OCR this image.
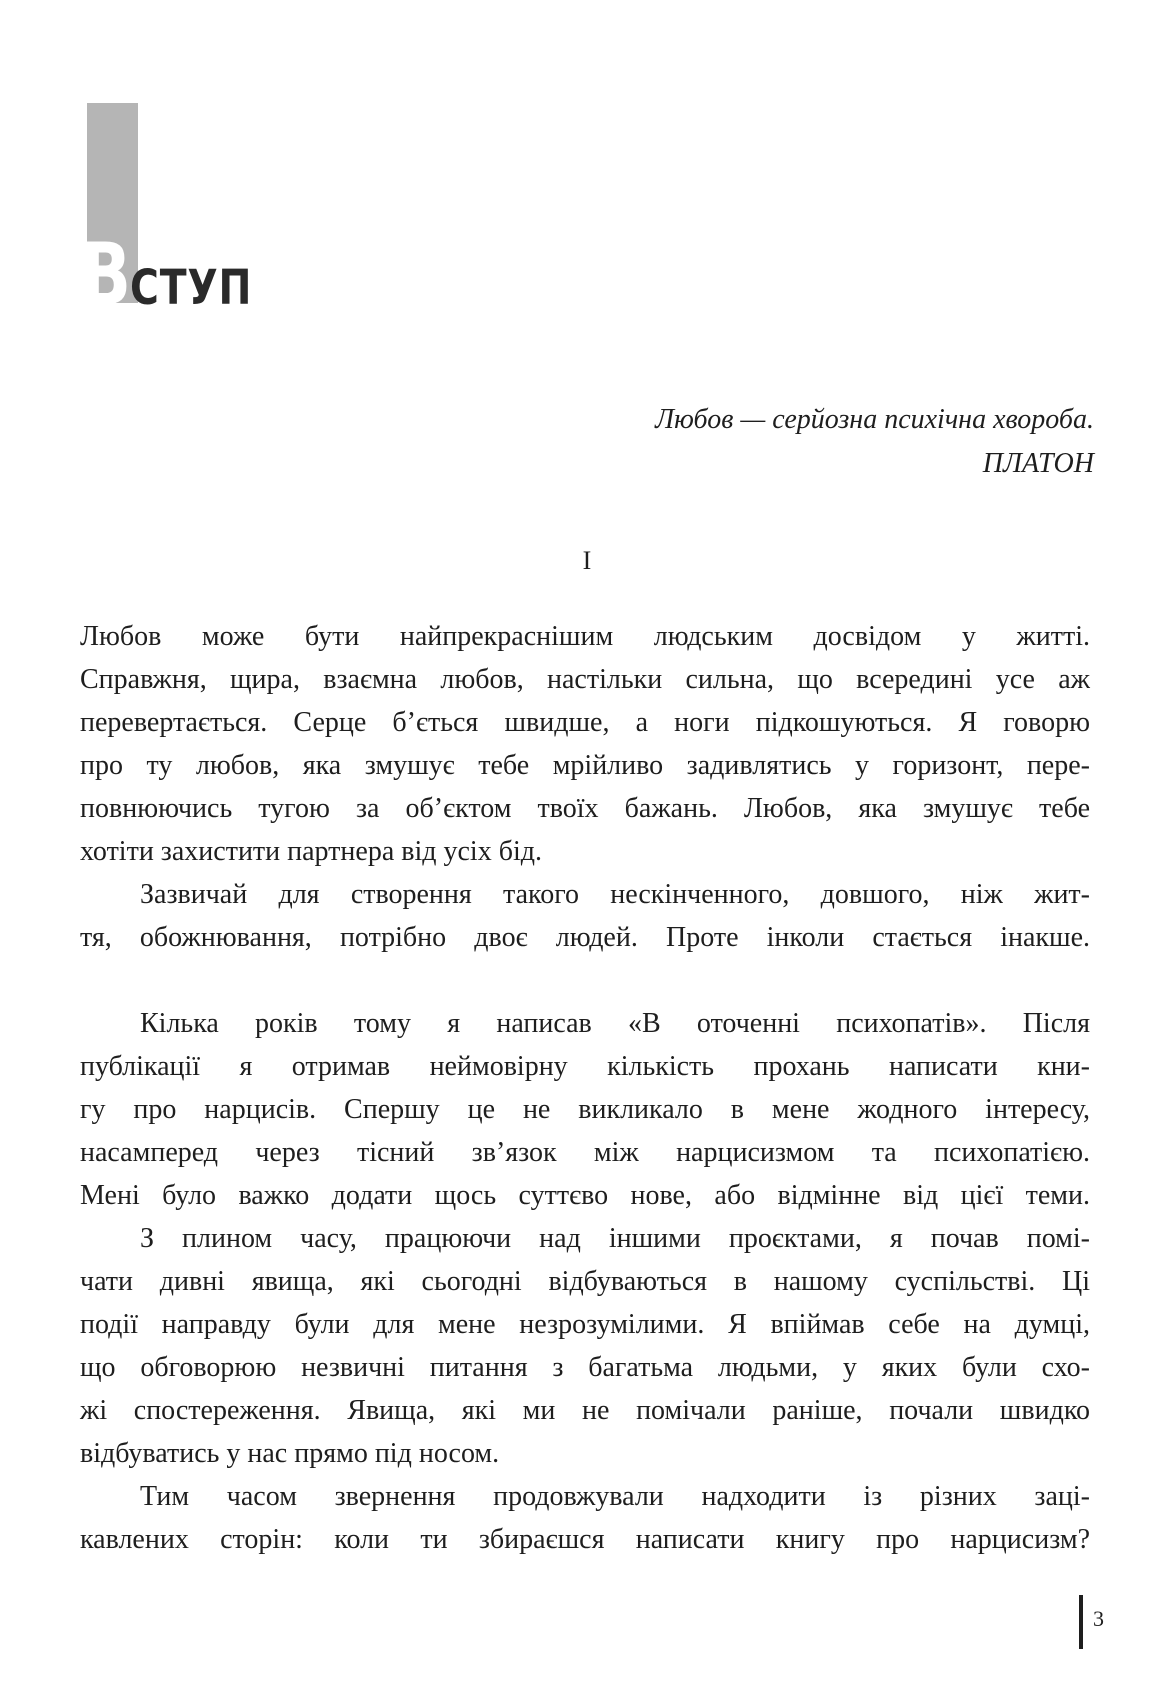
В
СТУП
Любов — серйозна психічна хвороба.
ПЛАТОН
I

Любов може бути найпрекраснішим людським досвідом у житті.

Справжня, щира, взаємна любов, настільки сильна, що всередині усе аж

перевертається. Серце б’ється швидше, а ноги підкошуються. Я говорю

про ту любов, яка змушує тебе мрійливо задивлятись у горизонт, пере-

повнюючись тугою за об’єктом твоїх бажань. Любов, яка змушує тебе

хотіти захистити партнера від усіх бід.

Зазвичай для створення такого нескінченного, довшого, ніж жит-

тя, обожнювання, потрібно двоє людей. Проте інколи стається інакше.

Кілька років тому я написав «В оточенні психопатів». Після

публікації я отримав неймовірну кількість прохань написати кни-

гу про нарцисів. Спершу це не викликало в мене жодного інтересу,

насамперед через тісний зв’язок між нарцисизмом та психопатією.

Мені було важко додати щось суттєво нове, або відмінне від цієї теми.

З плином часу, працюючи над іншими проєктами, я почав помі-

чати дивні явища, які сьогодні відбуваються в нашому суспільстві. Ці

події направду були для мене незрозумілими. Я впіймав себе на думці,

що обговорюю незвичні питання з багатьма людьми, у яких були схо-

жі спостереження. Явища, які ми не помічали раніше, почали швидко

відбуватись у нас прямо під носом.

Тим часом звернення продовжували надходити із різних заці-

кавлених сторін: коли ти збираєшся написати книгу про нарцисизм?

3
